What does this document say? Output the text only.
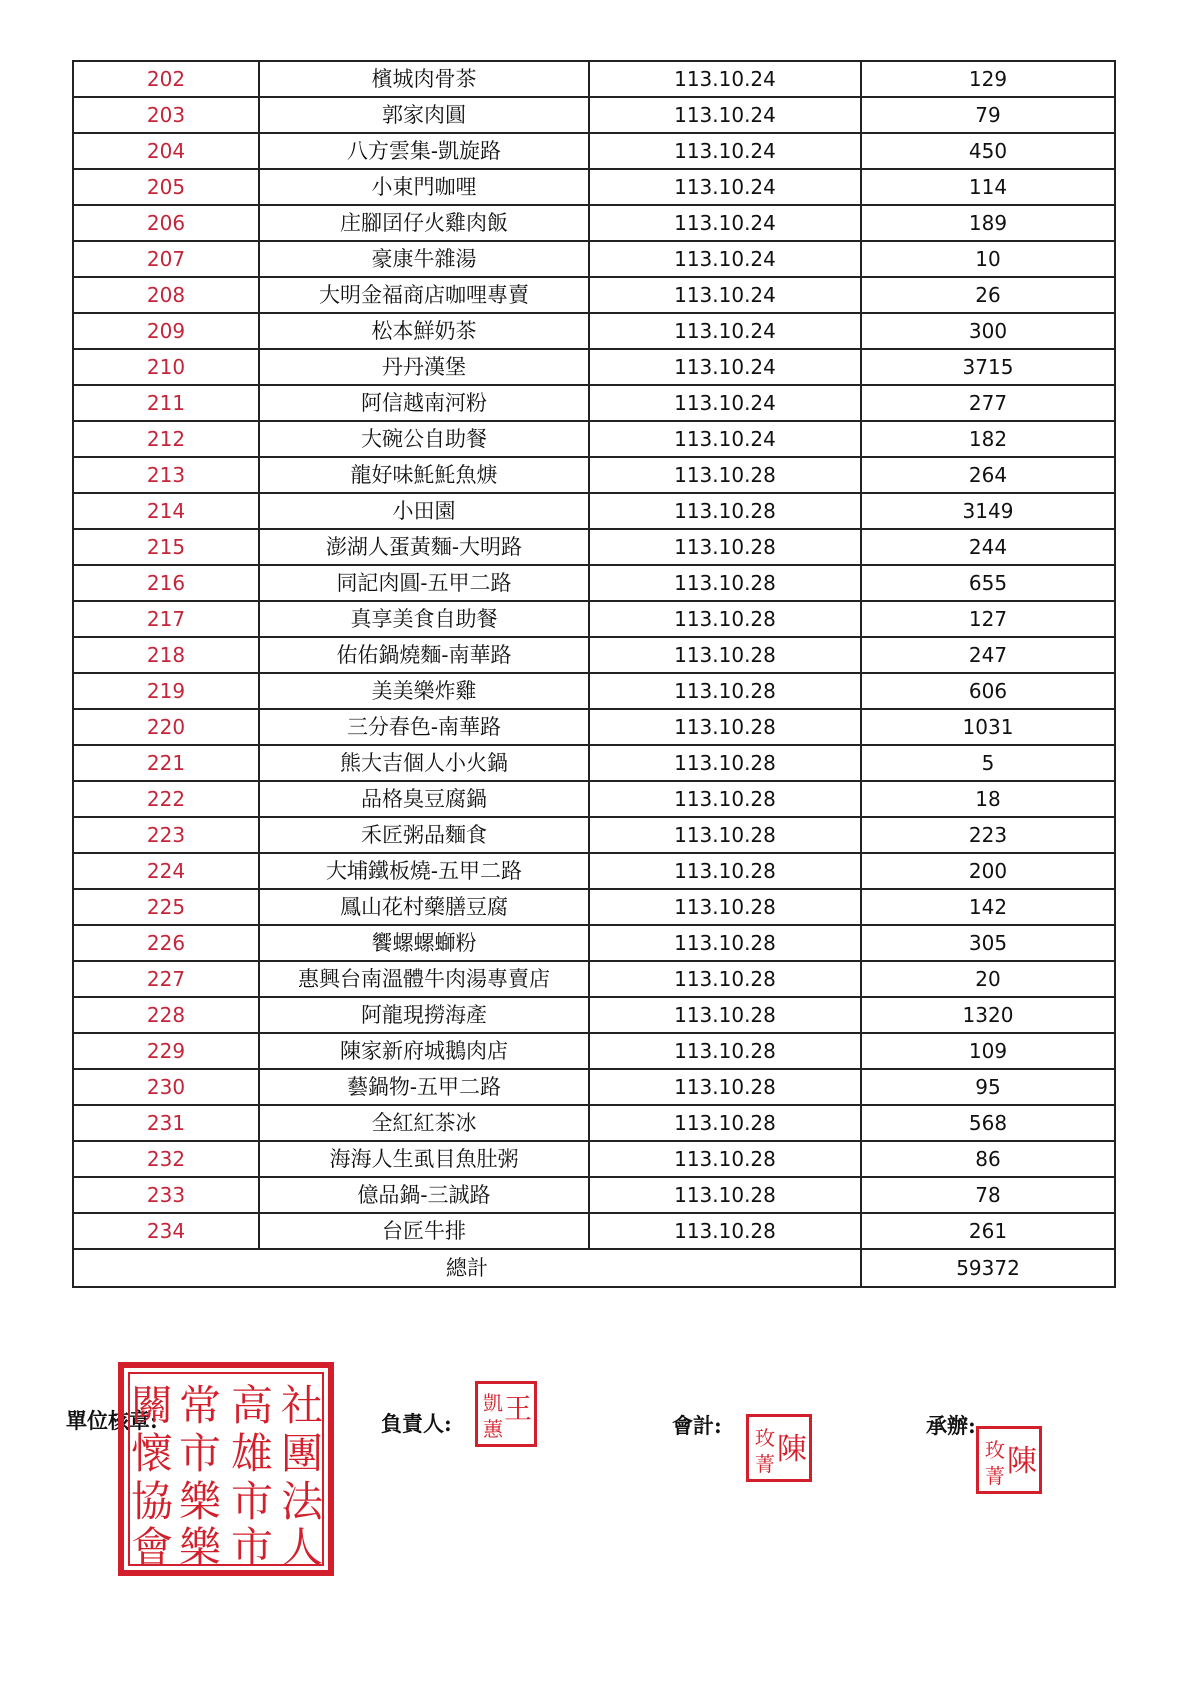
202	檳城肉骨茶	113.10.24	129
203	郭家肉圓	113.10.24	79
204	八方雲集-凱旋路	113.10.24	450
205	小東門咖哩	113.10.24	114
206	庄腳囝仔火雞肉飯	113.10.24	189
207	豪康牛雜湯	113.10.24	10
208	大明金福商店咖哩專賣	113.10.24	26
209	松本鮮奶茶	113.10.24	300
210	丹丹漢堡	113.10.24	3715
211	阿信越南河粉	113.10.24	277
212	大碗公自助餐	113.10.24	182
213	龍好味魠魠魚焿	113.10.28	264
214	小田園	113.10.28	3149
215	澎湖人蛋黃麵-大明路	113.10.28	244
216	同記肉圓-五甲二路	113.10.28	655
217	真享美食自助餐	113.10.28	127
218	佑佑鍋燒麵-南華路	113.10.28	247
219	美美樂炸雞	113.10.28	606
220	三分春色-南華路	113.10.28	1031
221	熊大吉個人小火鍋	113.10.28	5
222	品格臭豆腐鍋	113.10.28	18
223	禾匠粥品麵食	113.10.28	223
224	大埔鐵板燒-五甲二路	113.10.28	200
225	鳳山花村藥膳豆腐	113.10.28	142
226	饗螺螺螄粉	113.10.28	305
227	惠興台南溫體牛肉湯專賣店	113.10.28	20
228	阿龍現撈海產	113.10.28	1320
229	陳家新府城鵝肉店	113.10.28	109
230	藝鍋物-五甲二路	113.10.28	95
231	全紅紅茶冰	113.10.28	568
232	海海人生虱目魚肚粥	113.10.28	86
233	億品鍋-三誠路	113.10.28	78
234	台匠牛排	113.10.28	261
總計			59372
單位核章:	負責人:	會計:	承辦:
社
團
法
人
高
雄
市
市
常
市
樂
樂
關
懷
協
會
王
凱
蕙
陳
玫
菁	陳
玫
菁
